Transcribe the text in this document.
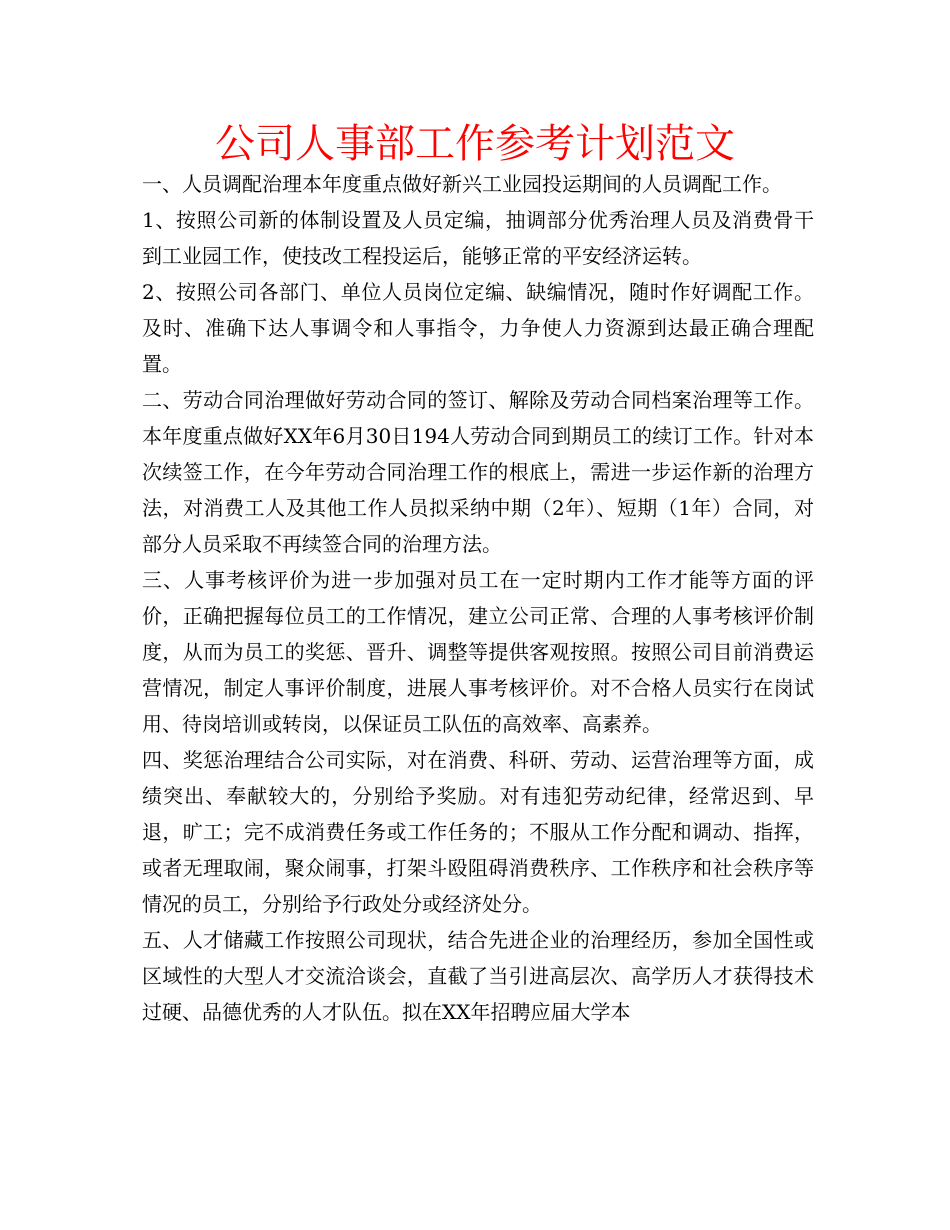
公司人事部工作参考计划范文

一、人员调配治理本年度重点做好新兴工业园投运期间的人员调配工作。

1、按照公司新的体制设置及人员定编，抽调部分优秀治理人员及消费骨干到工业园工作，使技改工程投运后，能够正常的平安经济运转。

2、按照公司各部门、单位人员岗位定编、缺编情况，随时作好调配工作。及时、准确下达人事调令和人事指令，力争使人力资源到达最正确合理配置。

二、劳动合同治理做好劳动合同的签订、解除及劳动合同档案治理等工作。本年度重点做好XX年6月30日194人劳动合同到期员工的续订工作。针对本次续签工作，在今年劳动合同治理工作的根底上，需进一步运作新的治理方法，对消费工人及其他工作人员拟采纳中期（2年）、短期（1年）合同，对部分人员采取不再续签合同的治理方法。

三、人事考核评价为进一步加强对员工在一定时期内工作才能等方面的评价，正确把握每位员工的工作情况，建立公司正常、合理的人事考核评价制度，从而为员工的奖惩、晋升、调整等提供客观按照。按照公司目前消费运营情况，制定人事评价制度，进展人事考核评价。对不合格人员实行在岗试用、待岗培训或转岗，以保证员工队伍的高效率、高素养。

四、奖惩治理结合公司实际，对在消费、科研、劳动、运营治理等方面，成绩突出、奉献较大的，分别给予奖励。对有违犯劳动纪律，经常迟到、早退，旷工；完不成消费任务或工作任务的；不服从工作分配和调动、指挥，或者无理取闹，聚众闹事，打架斗殴阻碍消费秩序、工作秩序和社会秩序等情况的员工，分别给予行政处分或经济处分。

五、人才储藏工作按照公司现状，结合先进企业的治理经历，参加全国性或区域性的大型人才交流洽谈会，直截了当引进高层次、高学历人才获得技术过硬、品德优秀的人才队伍。拟在XX年招聘应届大学本
